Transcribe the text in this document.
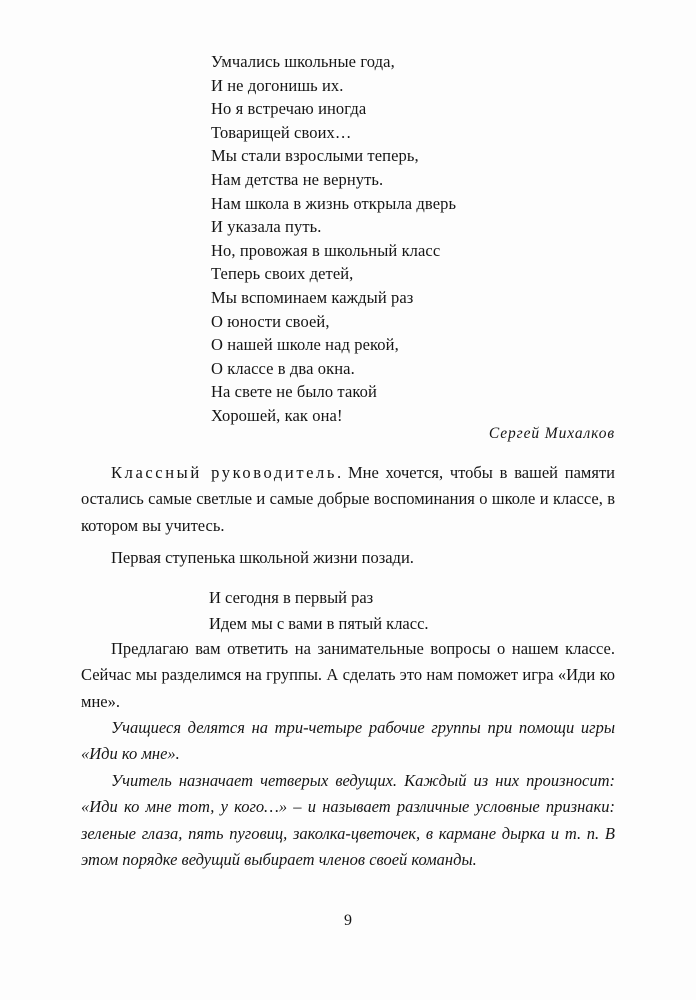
Умчались школьные года,
И не догонишь их.
Но я встречаю иногда
Товарищей своих…
Мы стали взрослыми теперь,
Нам детства не вернуть.
Нам школа в жизнь открыла дверь
И указала путь.
Но, провожая в школьный класс
Теперь своих детей,
Мы вспоминаем каждый раз
О юности своей,
О нашей школе над рекой,
О классе в два окна.
На свете не было такой
Хорошей, как она!
Сергей Михалков

Классный руководитель. Мне хочется, чтобы в вашей памяти остались самые светлые и самые добрые воспоминания о школе и классе, в котором вы учитесь.

Первая ступенька школьной жизни позади.

И сегодня в первый раз
Идем мы с вами в пятый класс.

Предлагаю вам ответить на занимательные вопросы о нашем классе. Сейчас мы разделимся на группы. А сделать это нам поможет игра «Иди ко мне».

Учащиеся делятся на три-четыре рабочие группы при помощи игры «Иди ко мне».

Учитель назначает четверых ведущих. Каждый из них произносит: «Иди ко мне тот, у кого…» – и называет различные условные признаки: зеленые глаза, пять пуговиц, заколка-цветочек, в кармане дырка и т. п. В этом порядке ведущий выбирает членов своей команды.

9
